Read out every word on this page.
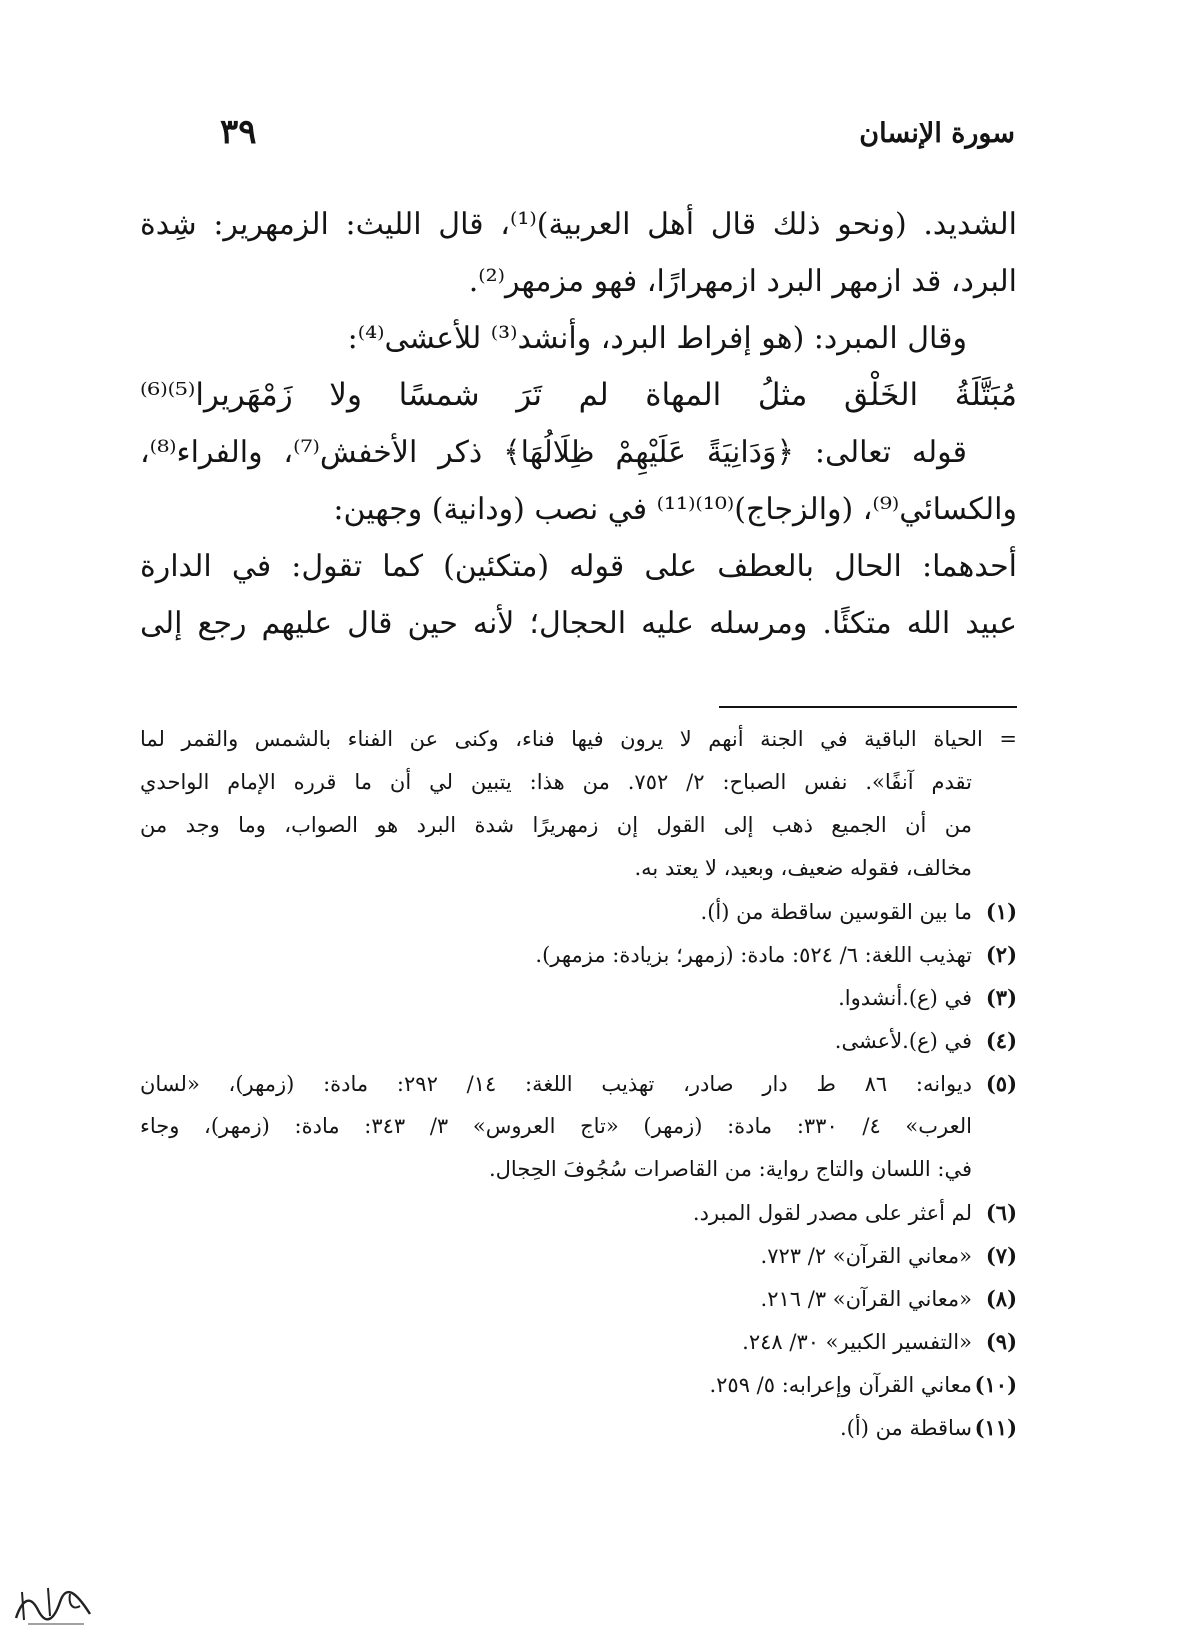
سورة الإنسان
٣٩
الشديد. (ونحو ذلك قال أهل العربية)⁽¹⁾، قال الليث: الزمهرير: شِدة
البرد، قد ازمهر البرد ازمهرارًا، فهو مزمهر⁽²⁾.
وقال المبرد: (هو إفراط البرد، وأنشد⁽³⁾ للأعشى⁽⁴⁾:
مُبَتَّلَةُ الخَلْق مثلُ المهاة لم تَرَ شمسًا ولا زَمْهَريرا⁽⁵⁾⁽⁶⁾
قوله تعالى: ﴿وَدَانِيَةً عَلَيْهِمْ ظِلَالُهَا﴾ ذكر الأخفش⁽⁷⁾، والفراء⁽⁸⁾،
والكسائي⁽⁹⁾، (والزجاج)⁽¹⁰⁾⁽¹¹⁾ في نصب (ودانية) وجهين:
أحدهما: الحال بالعطف على قوله (متكئين) كما تقول: في الدارة
عبيد الله متكئًا. ومرسله عليه الحجال؛ لأنه حين قال عليهم رجع إلى
= الحياة الباقية في الجنة أنهم لا يرون فيها فناء، وكنى عن الفناء بالشمس والقمر لما
تقدم آنفًا». نفس الصباح: ٢/ ٧٥٢. من هذا: يتبين لي أن ما قرره الإمام الواحدي
من أن الجميع ذهب إلى القول إن زمهريرًا شدة البرد هو الصواب، وما وجد من
مخالف، فقوله ضعيف، وبعيد، لا يعتد به.
(١)ما بين القوسين ساقطة من (أ).
(٢)تهذيب اللغة: ٦/ ٥٢٤: مادة: (زمهر؛ بزيادة: مزمهر).
(٣)في (ع).أنشدوا.
(٤)في (ع).لأعشى.
(٥)ديوانه: ٨٦ ط دار صادر، تهذيب اللغة: ١٤/ ٢٩٢: مادة: (زمهر)، «لسان
العرب» ٤/ ٣٣٠: مادة: (زمهر) «تاج العروس» ٣/ ٣٤٣: مادة: (زمهر)، وجاء
في: اللسان والتاج رواية: من القاصرات سُجُوفَ الحِجال.
(٦)لم أعثر على مصدر لقول المبرد.
(٧)«معاني القرآن» ٢/ ٧٢٣.
(٨)«معاني القرآن» ٣/ ٢١٦.
(٩)«التفسير الكبير» ٣٠/ ٢٤٨.
(١٠)معاني القرآن وإعرابه: ٥/ ٢٥٩.
(١١)ساقطة من (أ).
